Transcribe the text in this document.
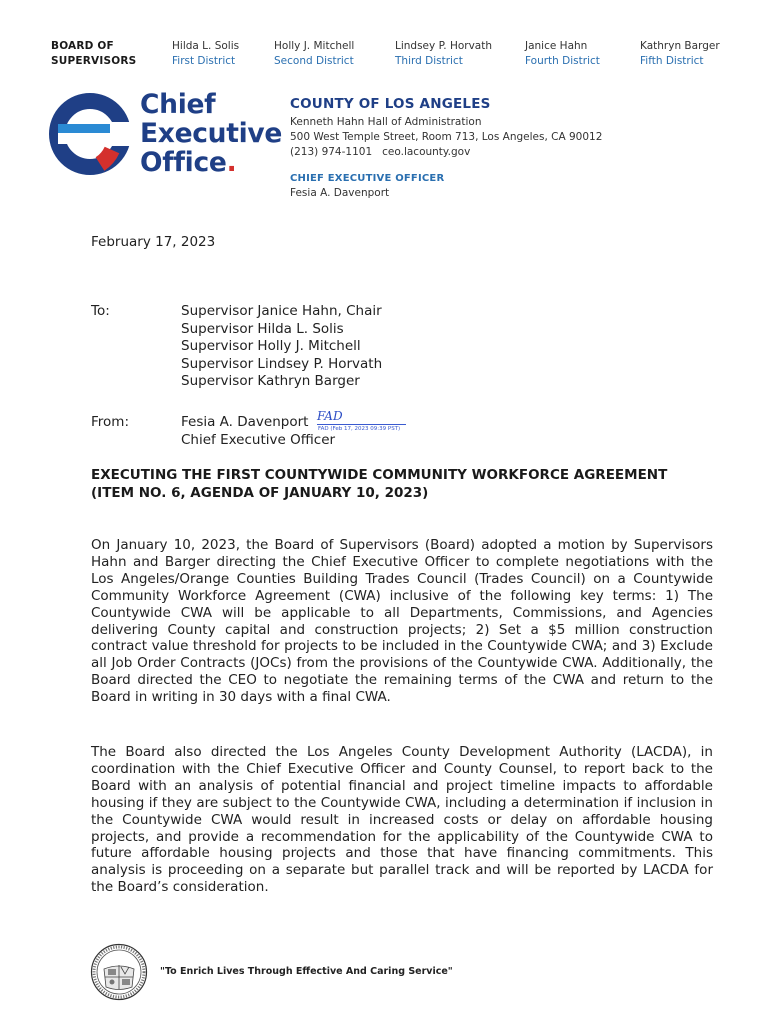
BOARD OF
SUPERVISORS
Hilda L. Solis
First District
Holly J. Mitchell
Second District
Lindsey P. Horvath
Third District
Janice Hahn
Fourth District
Kathryn Barger
Fifth District
Chief
Executive
Office.
COUNTY OF LOS ANGELES
Kenneth Hahn Hall of Administration
500 West Temple Street, Room 713, Los Angeles, CA 90012
(213) 974-1101   ceo.lacounty.gov
CHIEF EXECUTIVE OFFICER
Fesia A. Davenport
February 17, 2023
To:	Supervisor Janice Hahn, Chair
Supervisor Hilda L. Solis
Supervisor Holly J. Mitchell
Supervisor Lindsey P. Horvath
Supervisor Kathryn Barger
From:	Fesia A. Davenport
Chief Executive Officer
FAD
FAD (Feb 17, 2023 09:39 PST)
EXECUTING THE FIRST COUNTYWIDE COMMUNITY WORKFORCE AGREEMENT
(ITEM NO. 6, AGENDA OF JANUARY 10, 2023)
On January 10, 2023, the Board of Supervisors (Board) adopted a motion by Supervisors Hahn and Barger directing the Chief Executive Officer to complete negotiations with the Los Angeles/Orange Counties Building Trades Council (Trades Council) on a Countywide Community Workforce Agreement (CWA) inclusive of the following key terms: 1) The Countywide CWA will be applicable to all Departments, Commissions, and Agencies delivering County capital and construction projects; 2) Set a $5 million construction contract value threshold for projects to be included in the Countywide CWA; and 3) Exclude all Job Order Contracts (JOCs) from the provisions of the Countywide CWA. Additionally, the Board directed the CEO to negotiate the remaining terms of the CWA and return to the Board in writing in 30 days with a final CWA.
The Board also directed the Los Angeles County Development Authority (LACDA), in coordination with the Chief Executive Officer and County Counsel, to report back to the Board with an analysis of potential financial and project timeline impacts to affordable housing if they are subject to the Countywide CWA, including a determination if inclusion in the Countywide CWA would result in increased costs or delay on affordable housing projects, and provide a recommendation for the applicability of the Countywide CWA to future affordable housing projects and those that have financing commitments. This analysis is proceeding on a separate but parallel track and will be reported by LACDA for the Board’s consideration.
"To Enrich Lives Through Effective And Caring Service"
